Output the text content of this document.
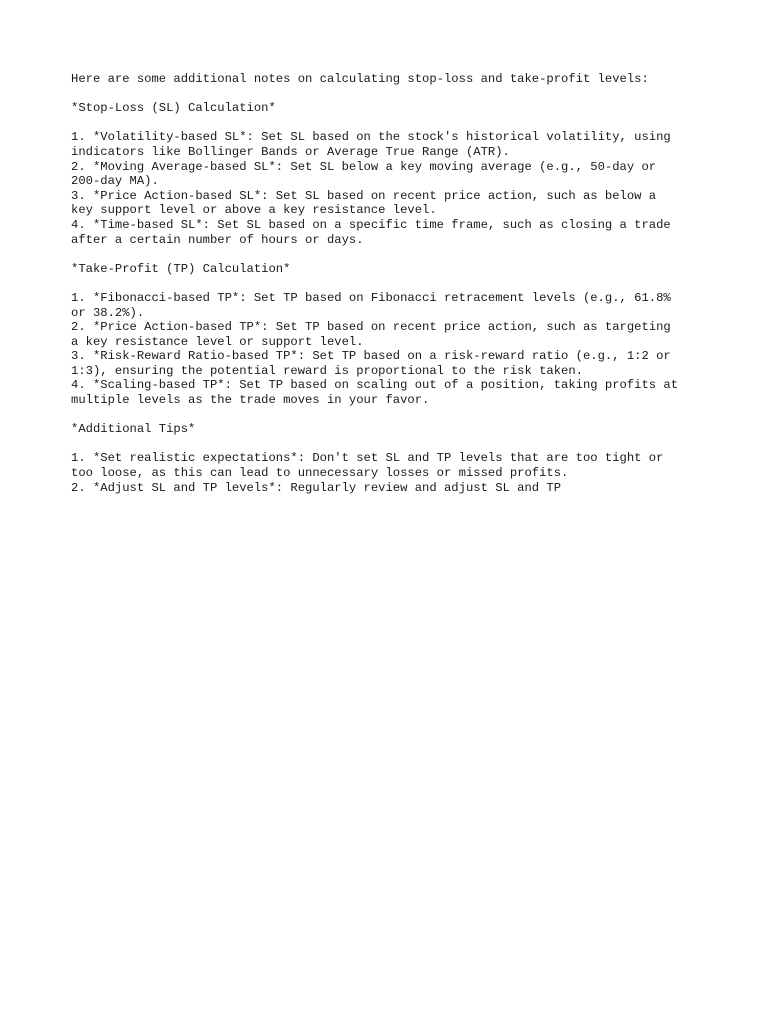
Here are some additional notes on calculating stop-loss and take-profit levels:

*Stop-Loss (SL) Calculation*

1. *Volatility-based SL*: Set SL based on the stock's historical volatility, using

indicators like Bollinger Bands or Average True Range (ATR).

2. *Moving Average-based SL*: Set SL below a key moving average (e.g., 50-day or

200-day MA).

3. *Price Action-based SL*: Set SL based on recent price action, such as below a

key support level or above a key resistance level.

4. *Time-based SL*: Set SL based on a specific time frame, such as closing a trade

after a certain number of hours or days.

*Take-Profit (TP) Calculation*

1. *Fibonacci-based TP*: Set TP based on Fibonacci retracement levels (e.g., 61.8%

or 38.2%).

2. *Price Action-based TP*: Set TP based on recent price action, such as targeting

a key resistance level or support level.

3. *Risk-Reward Ratio-based TP*: Set TP based on a risk-reward ratio (e.g., 1:2 or

1:3), ensuring the potential reward is proportional to the risk taken.

4. *Scaling-based TP*: Set TP based on scaling out of a position, taking profits at

multiple levels as the trade moves in your favor.

*Additional Tips*

1. *Set realistic expectations*: Don't set SL and TP levels that are too tight or

too loose, as this can lead to unnecessary losses or missed profits.

2. *Adjust SL and TP levels*: Regularly review and adjust SL and TP
